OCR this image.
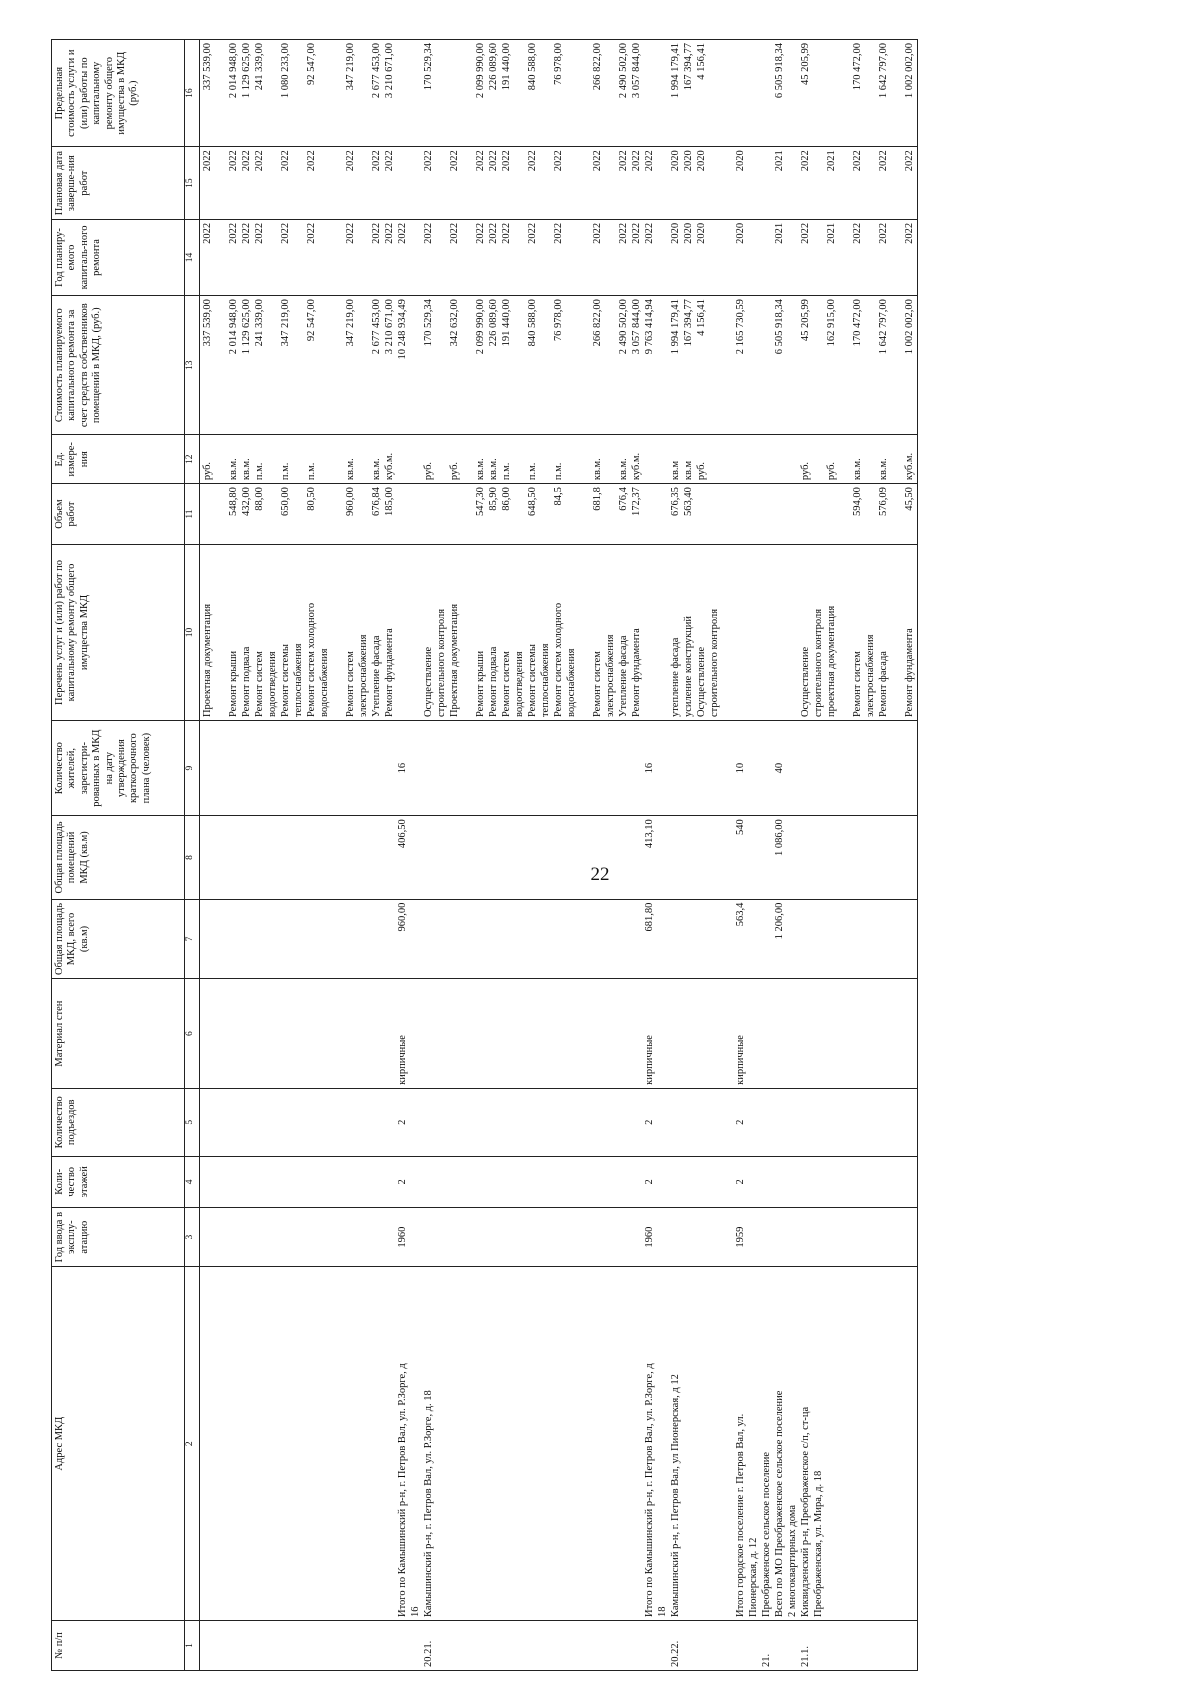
22
№ п/п	Адрес МКД	Год ввода в эксплу-атацию	Коли-чество этажей	Количество подъездов	Материал стен	Общая площадь МКД, всего (кв.м)	Общая площадь помещений МКД (кв.м)	Количество жителей, зарегистри-рованных в МКД на дату утверждения краткосрочного плана (человек)	Перечень услуг и (или) работ по капитальному ремонту общего имущества МКД	Объем работ	Ед. измере-ния	Стоимость планируемого капитального ремонта за счет средств собственников помещений в МКД, (руб.)	Год планиру-емого капиталь-ного ремонта	Плановая дата заверше-ния работ	Предельная стоимость услуги и (или) работы по капитальному ремонту общего имущества в МКД (руб.)
1	2	3	4	5	6	7	8	9	10	11	12	13	14	15	16
									Проектная документация		руб.	337 539,00	2022	2022	337 539,00

									Ремонт крыши	548,80	кв.м.	2 014 948,00	2022	2022	2 014 948,00
									Ремонт подвала	432,00	кв.м.	1 129 625,00	2022	2022	1 129 625,00
									Ремонт систем	88,00	п.м.	241 339,00	2022	2022	241 339,00
									водоотведения						
									Ремонт системы	650,00	п.м.	347 219,00	2022	2022	1 080 233,00
									теплоснабжения						
									Ремонт систем холодного	80,50	п.м.	92 547,00	2022	2022	92 547,00
									водоснабжения						

									Ремонт систем	960,00	кв.м.	347 219,00	2022	2022	347 219,00
									электроснабжения						
									Утепление фасада	676,84	кв.м.	2 677 453,00	2022	2022	2 677 453,00
									Ремонт фундамента	185,00	куб.м.	3 210 671,00	2022	2022	3 210 671,00
	Итого по Камышинский р-н, г. Петров Вал, ул. Р.Зорге, д	1960	2	2	кирпичные	960,00	406,50	16				10 248 934,49	2022		
	16														
20.21.	Камышинский р-н, г. Петров Вал, ул. Р.Зорге, д. 18								Осуществление		руб.	170 529,34	2022	2022	170 529,34
									строительного контроля						
									Проектная документация		руб.	342 632,00	2022	2022	

									Ремонт крыши	547,30	кв.м.	2 099 990,00	2022	2022	2 099 990,00
									Ремонт подвала	85,90	кв.м.	226 089,60	2022	2022	226 089,60
									Ремонт систем	86,00	п.м.	191 440,00	2022	2022	191 440,00
									водоотведения						
									Ремонт системы	648,50	п.м.	840 588,00	2022	2022	840 588,00
									теплоснабжения						
									Ремонт систем холодного	84,5	п.м.	76 978,00	2022	2022	76 978,00
									водоснабжения						

									Ремонт систем	681,8	кв.м.	266 822,00	2022	2022	266 822,00
									электроснабжения						
									Утепление фасада	676,4	кв.м.	2 490 502,00	2022	2022	2 490 502,00
									Ремонт фундамента	172,37	куб.м.	3 057 844,00	2022	2022	3 057 844,00
	Итого по Камышинский р-н, г. Петров Вал, ул. Р.Зорге, д	1960	2	2	кирпичные	681,80	413,10	16				9 763 414,94	2022	2022	
	18														
20.22.	Камышинский р-н, г. Петров Вал, ул Пионерская, д 12								утепление фасада	676,35	кв.м	1 994 179,41	2020	2020	1 994 179,41
									усиление конструкций	563,40	кв.м	167 394,77	2020	2020	167 394,77
									Осуществление		руб.	4 156,41	2020	2020	4 156,41
									строительного контроля						

	Итого городское поселение г. Петров Вал, ул.	1959	2	2	кирпичные	563,4	540	10				2 165 730,59	2020	2020	
	Пионерская, д. 12														
21.	Преображенское сельское поселение														
	Всего по МО Преображенское сельское поселение					1 206,00	1 086,00	40				6 505 918,34	2021	2021	6 505 918,34
	2 многоквартирных дома														
21.1.	Киквидзенский р-н, Преображенское с/п, ст-ца								Осуществление		руб.	45 205,99	2022	2022	45 205,99
	Преображенская, ул. Мира, д. 18								строительного контроля						
									проектная документация		руб.	162 915,00	2021	2021	

									Ремонт систем	594,00	кв.м.	170 472,00	2022	2022	170 472,00
									электроснабжения						
									Ремонт фасада	576,09	кв.м.	1 642 797,00	2022	2022	1 642 797,00

									Ремонт фундамента	45,50	куб.м.	1 002 002,00	2022	2022	1 002 002,00
